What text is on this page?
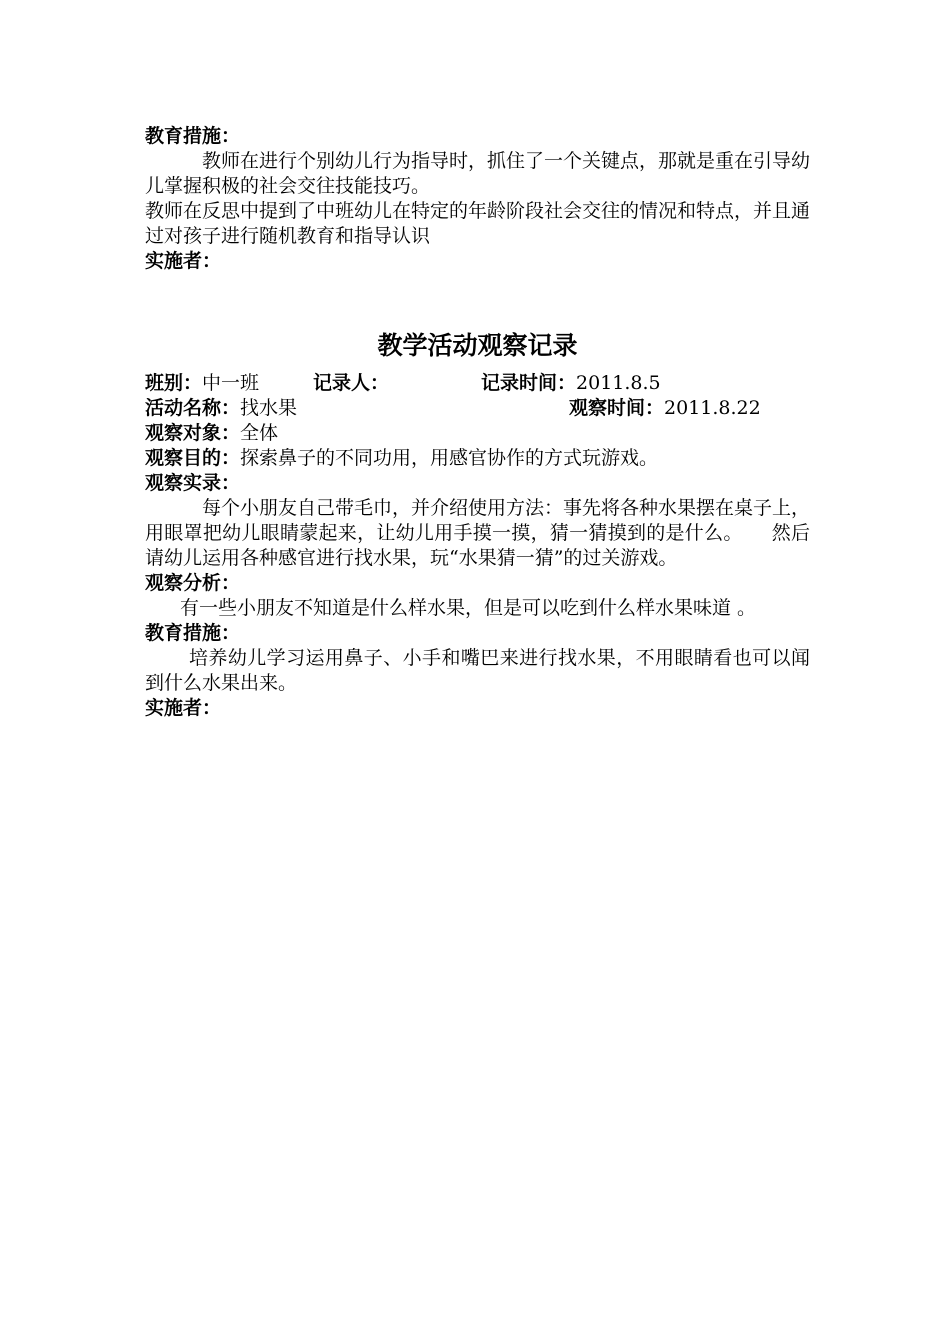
教育措施：
教师在进行个别幼儿行为指导时，抓住了一个关键点，那就是重在引导幼儿掌握积极的社会交往技能技巧。
教师在反思中提到了中班幼儿在特定的年龄阶段社会交往的情况和特点，并且通过对孩子进行随机教育和指导认识
实施者：
教学活动观察记录
班别：中一班	记录人：	记录时间：2011.8.5
活动名称：找水果	观察时间：2011.8.22
观察对象：全体
观察目的：探索鼻子的不同功用，用感官协作的方式玩游戏。
观察实录：
每个小朋友自己带毛巾，并介绍使用方法：事先将各种水果摆在桌子上，用眼罩把幼儿眼睛蒙起来，让幼儿用手摸一摸，猜一猜摸到的是什么。　　然后请幼儿运用各种感官进行找水果，玩“水果猜一猜”的过关游戏。
观察分析：
有一些小朋友不知道是什么样水果，但是可以吃到什么样水果味道 。
教育措施：
培养幼儿学习运用鼻子、小手和嘴巴来进行找水果，不用眼睛看也可以闻到什么水果出来。
实施者：
